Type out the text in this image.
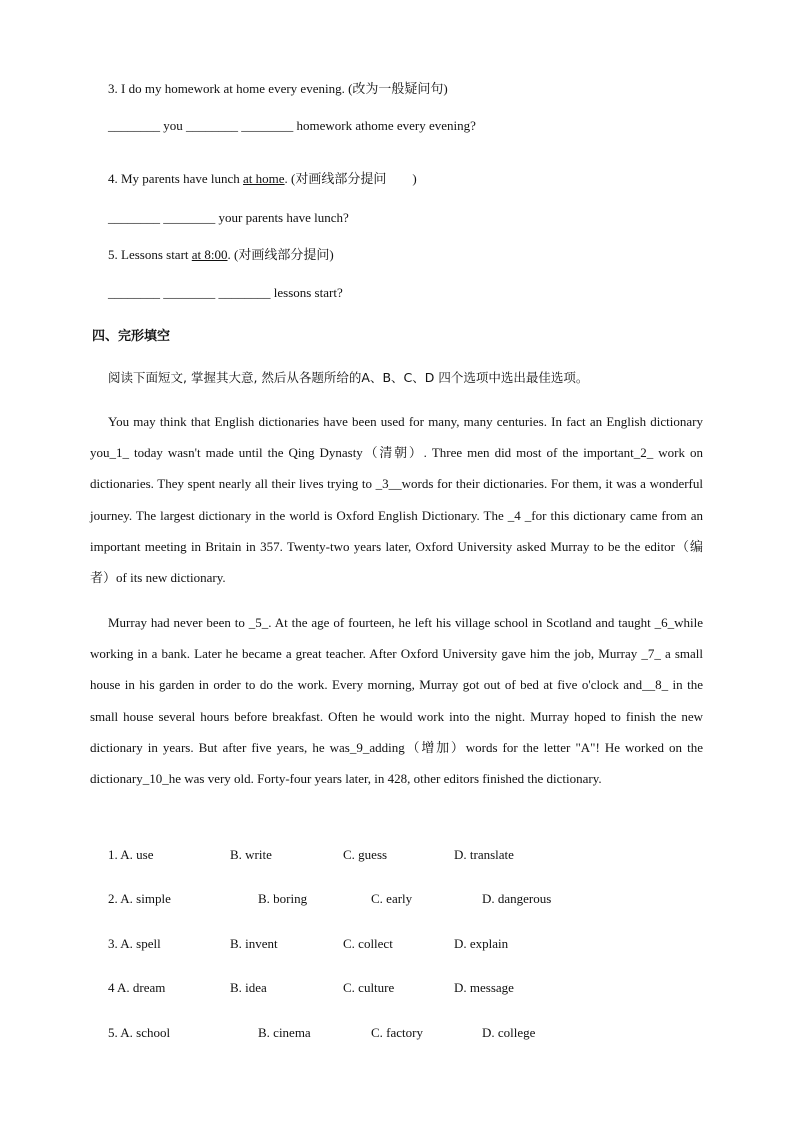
3. I do my homework at home every evening. (改为一般疑问句)
________ you ________ ________ homework athome every evening?
4. My parents have lunch at home. (对画线部分提问        )
________ ________ your parents have lunch?
5. Lessons start at 8:00. (对画线部分提问)
________ ________ ________ lessons start?
四、完形填空
阅读下面短文, 掌握其大意, 然后从各题所给的A、B、C、D 四个选项中选出最佳选项。
You may think that English dictionaries have been used for many, many centuries. In fact an English dictionary you_1_ today wasn't made until the Qing Dynasty（清朝）. Three men did most of the important_2_ work on dictionaries. They spent nearly all their lives trying to _3__words for their dictionaries. For them, it was a wonderful journey. The largest dictionary in the world is Oxford English Dictionary. The _4 _for this dictionary came from an important meeting in Britain in 357. Twenty-two years later, Oxford University asked Murray to be the editor（编者）of its new dictionary.
Murray had never been to _5_. At the age of fourteen, he left his village school in Scotland and taught _6_while working in a bank. Later he became a great teacher. After Oxford University gave him the job, Murray _7_ a small house in his garden in order to do the work. Every morning, Murray got out of bed at five o'clock and__8_ in the small house several hours before breakfast. Often he would work into the night. Murray hoped to finish the new dictionary in years. But after five years, he was_9_adding（增加）words for the letter "A"! He worked on the dictionary_10_he was very old. Forty-four years later, in 428, other editors finished the dictionary.
1. A. use	B. write	C. guess	D. translate
2. A. simple	B. boring	C. early	D. dangerous
3. A. spell	B. invent	C. collect	D. explain
4 A. dream	B. idea	C. culture	D. message
5. A. school	B. cinema	C. factory	D. college
